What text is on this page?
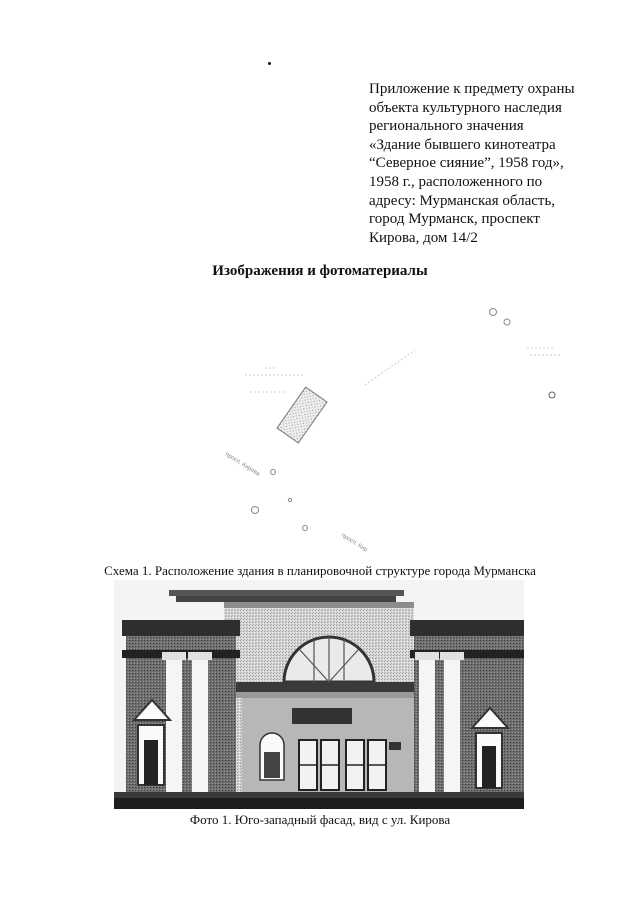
Приложение к предмету охраны
объекта культурного наследия
регионального значения
«Здание бывшего кинотеатра
“Северное сияние”, 1958 год»,
1958 г., расположенного по
адресу: Мурманская область,
город Мурманск, проспект
Кирова, дом 14/2
Изображения и фотоматериалы
просп. Кирова
просп. Кир

Схема 1. Расположение здания в планировочной структуре города Мурманска

Фото 1. Юго-западный фасад, вид с ул. Кирова
